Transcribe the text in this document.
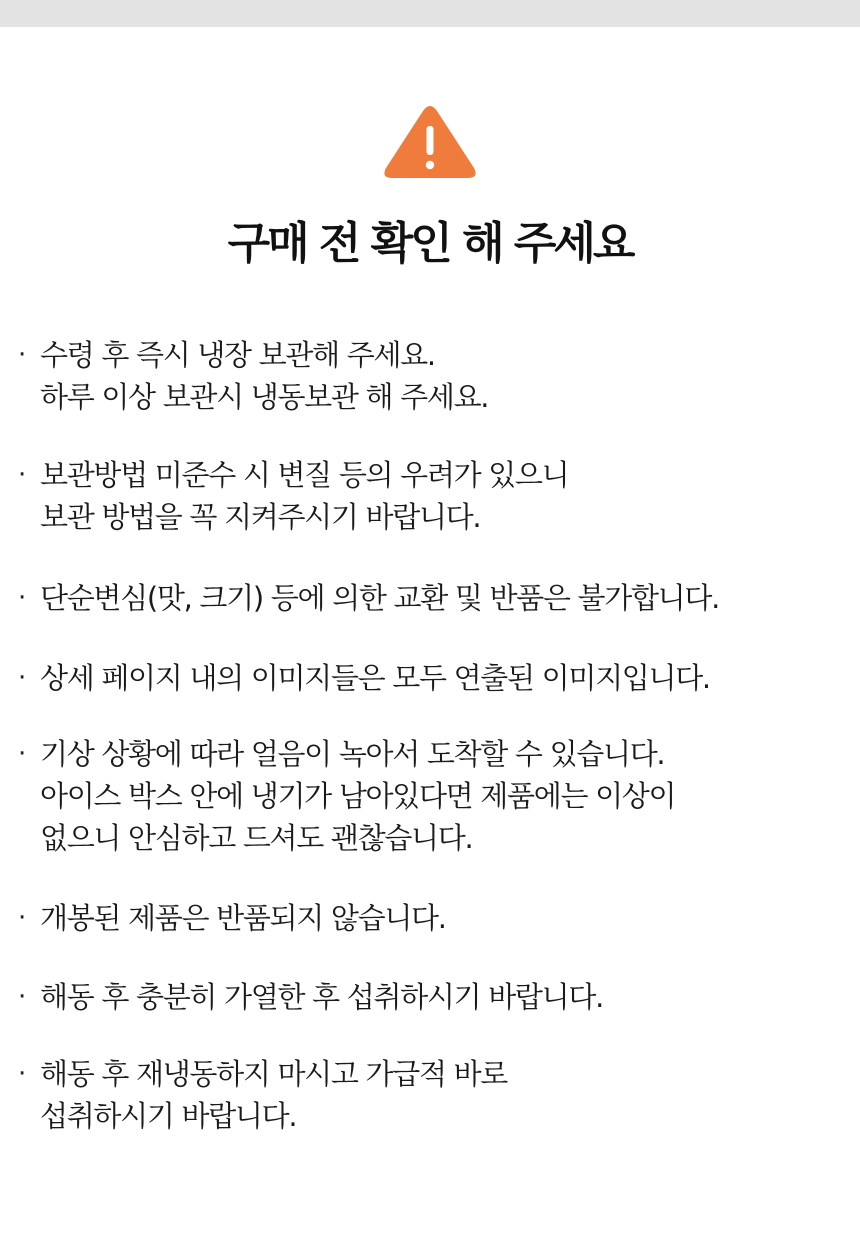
구매 전 확인 해 주세요
· 수령 후 즉시 냉장 보관해 주세요.
하루 이상 보관시 냉동보관 해 주세요.
· 보관방법 미준수 시 변질 등의 우려가 있으니
보관 방법을 꼭 지켜주시기 바랍니다.
· 단순변심(맛, 크기) 등에 의한 교환 및 반품은 불가합니다.
· 상세 페이지 내의 이미지들은 모두 연출된 이미지입니다.
· 기상 상황에 따라 얼음이 녹아서 도착할 수 있습니다.
아이스 박스 안에 냉기가 남아있다면 제품에는 이상이
없으니 안심하고 드셔도 괜찮습니다.
· 개봉된 제품은 반품되지 않습니다.
· 해동 후 충분히 가열한 후 섭취하시기 바랍니다.
· 해동 후 재냉동하지 마시고 가급적 바로
섭취하시기 바랍니다.
